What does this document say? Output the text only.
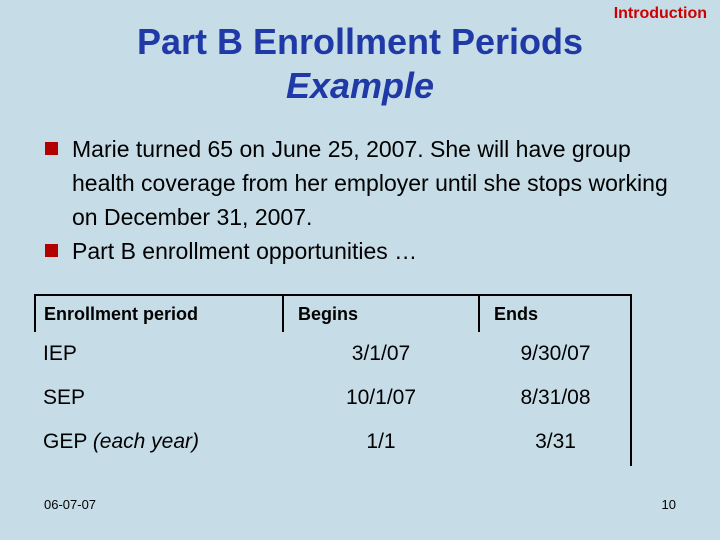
Introduction
Part B Enrollment Periods
Example
Marie turned 65 on June 25, 2007. She will have group health coverage from her employer until she stops working on December 31, 2007.
Part B enrollment opportunities …
Enrollment period	Begins	Ends
IEP	3/1/07	9/30/07
SEP	10/1/07	8/31/08
GEP (each year)	1/1	3/31
06-07-07	10
